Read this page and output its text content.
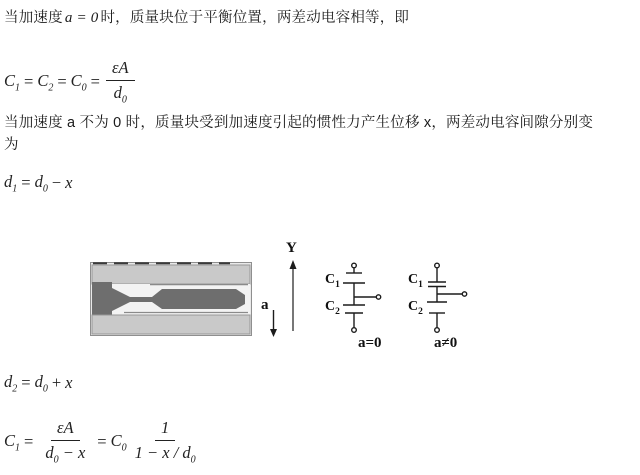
当加速度 a = 0 时，质量块位于平衡位置，两差动电容相等，即
$C_1 = C_2 = C_0 = \frac{\varepsilon A}{d_0}$
当加速度 a 不为 0 时，质量块受到加速度引起的惯性力产生位移 x，两差动电容间隙分别变
为
$d_1 = d_0 - x$
a
Y
$C_1$
$C_2$
a=0
$C_1$
$C_2$
a≠0
$d_2 = d_0 + x$
$C_1 = \frac{\varepsilon A}{d_0 - x} = C_0 \frac{1}{1 - x / d_0}$
